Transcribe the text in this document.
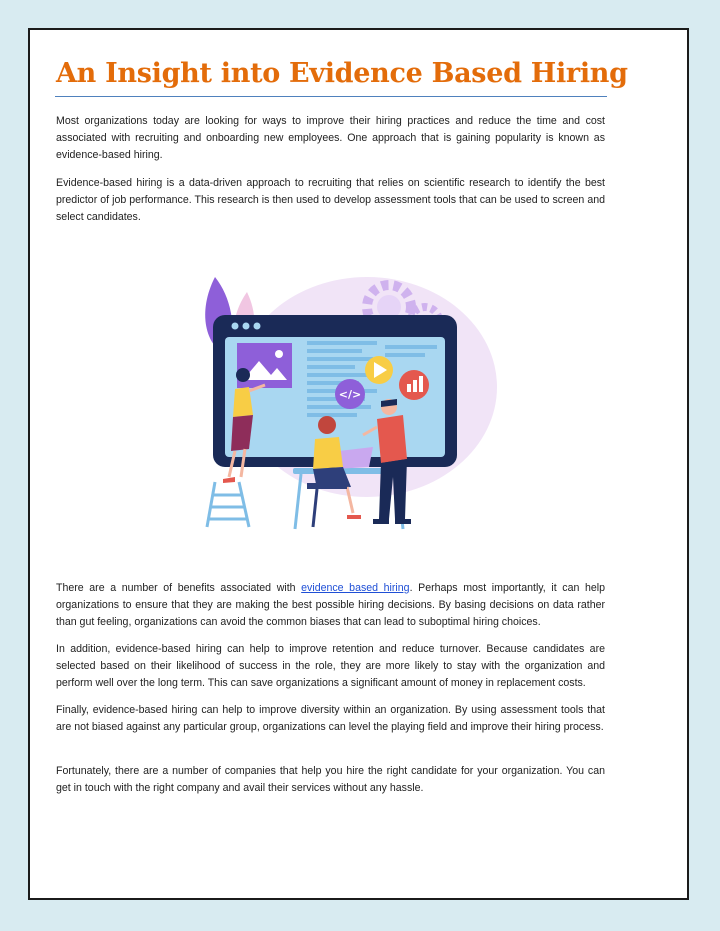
An Insight into Evidence Based Hiring

Most organizations today are looking for ways to improve their hiring practices and reduce the time and cost associated with recruiting and onboarding new employees. One approach that is gaining popularity is known as evidence-based hiring.

Evidence-based hiring is a data-driven approach to recruiting that relies on scientific research to identify the best predictor of job performance. This research is then used to develop assessment tools that can be used to screen and select candidates.

</>

There are a number of benefits associated with evidence based hiring. Perhaps most importantly, it can help organizations to ensure that they are making the best possible hiring decisions. By basing decisions on data rather than gut feeling, organizations can avoid the common biases that can lead to suboptimal hiring choices.

In addition, evidence-based hiring can help to improve retention and reduce turnover. Because candidates are selected based on their likelihood of success in the role, they are more likely to stay with the organization and perform well over the long term. This can save organizations a significant amount of money in replacement costs.

Finally, evidence-based hiring can help to improve diversity within an organization. By using assessment tools that are not biased against any particular group, organizations can level the playing field and improve their hiring process.

Fortunately, there are a number of companies that help you hire the right candidate for your organization. You can get in touch with the right company and avail their services without any hassle.
